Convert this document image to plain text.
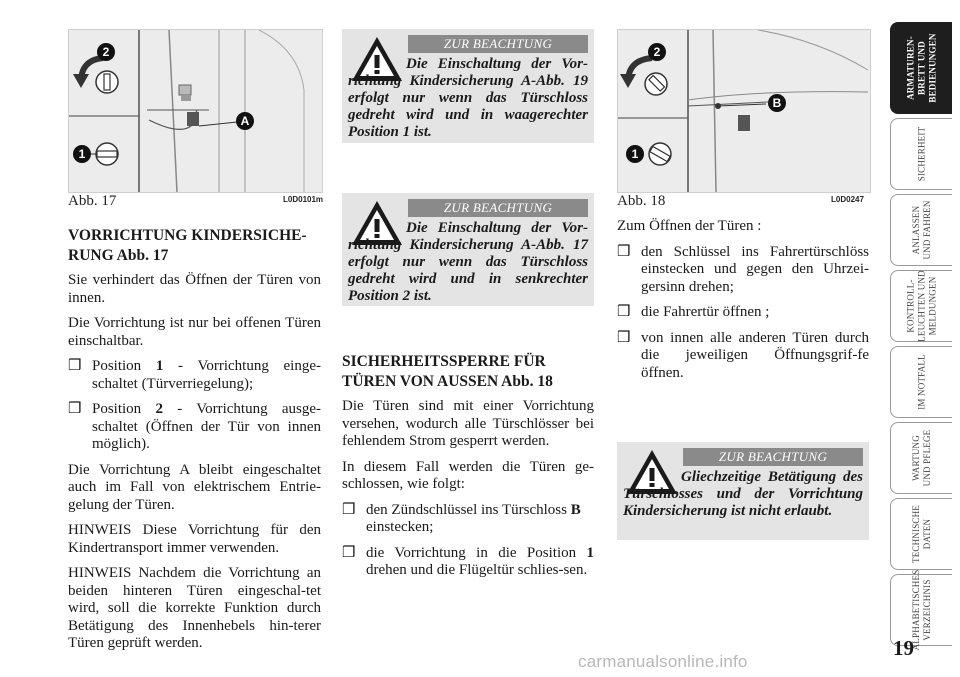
2
1
A
Abb. 17	L0D0101m
2
1
B
Abb. 18	L0D0247

VORRICHTUNG KINDERSICHE-
RUNG Abb. 17

Sie verhindert das Öffnen der Türen von innen.

Die Vorrichtung ist nur bei offenen Türen einschaltbar.

❒ Position 1 - Vorrichtung einge-schaltet (Türverriegelung);
❒ Position 2 - Vorrichtung ausge-schaltet (Öffnen der Tür von innen möglich).

Die Vorrichtung A bleibt eingeschaltet auch im Fall von elektrischem Entrie-gelung der Türen.

HINWEIS Diese Vorrichtung für den Kindertransport immer verwenden.

HINWEIS Nachdem die Vorrichtung an beiden hinteren Türen eingeschal-tet wird, soll die korrekte Funktion durch Betätigung des Innenhebels hin-terer Türen geprüft werden.

ZUR BEACHTUNG
Die Einschaltung der Vor-richtung Kindersicherung A-Abb. 19 erfolgt nur wenn das Türschloss gedreht wird und in waagerechter Position 1 ist.
ZUR BEACHTUNG
Die Einschaltung der Vor-richtung Kindersicherung A-Abb. 17 erfolgt nur wenn das Türschloss gedreht wird und in senkrechter Position 2 ist.

SICHERHEITSSPERRE FÜR
TÜREN VON AUSSEN Abb. 18

Die Türen sind mit einer Vorrichtung versehen, wodurch alle Türschlösser bei fehlendem Strom gesperrt werden.

In diesem Fall werden die Türen ge-schlossen, wie folgt:

❒ den Zündschlüssel ins Türschloss B einstecken;
❒ die Vorrichtung in die Position 1 drehen und die Flügeltür schlies-sen.

Zum Öffnen der Türen :

❒ den Schlüssel ins Fahrertürschlöss einstecken und gegen den Uhrzei-gersinn drehen;
❒ die Fahrertür öffnen ;
❒ von innen alle anderen Türen durch die jeweiligen Öffnungsgrif-fe öffnen.
ZUR BEACHTUNG
Gliechzeitige Betätigung des Türschlosses und der Vorrichtung Kindersicherung ist nicht erlaubt.
ARMATUREN- BRETT UND BEDIENUNGEN
SICHERHEIT
ANLASSEN UND FAHREN
KONTROLL- LEUCHTEN UND MELDUNGEN
IM NOTFALL
WARTUNG UND PFLEGE
TECHNISCHE DATEN
ALPHABETISCHES VERZEICHNIS
19
carmanualsonline.info
